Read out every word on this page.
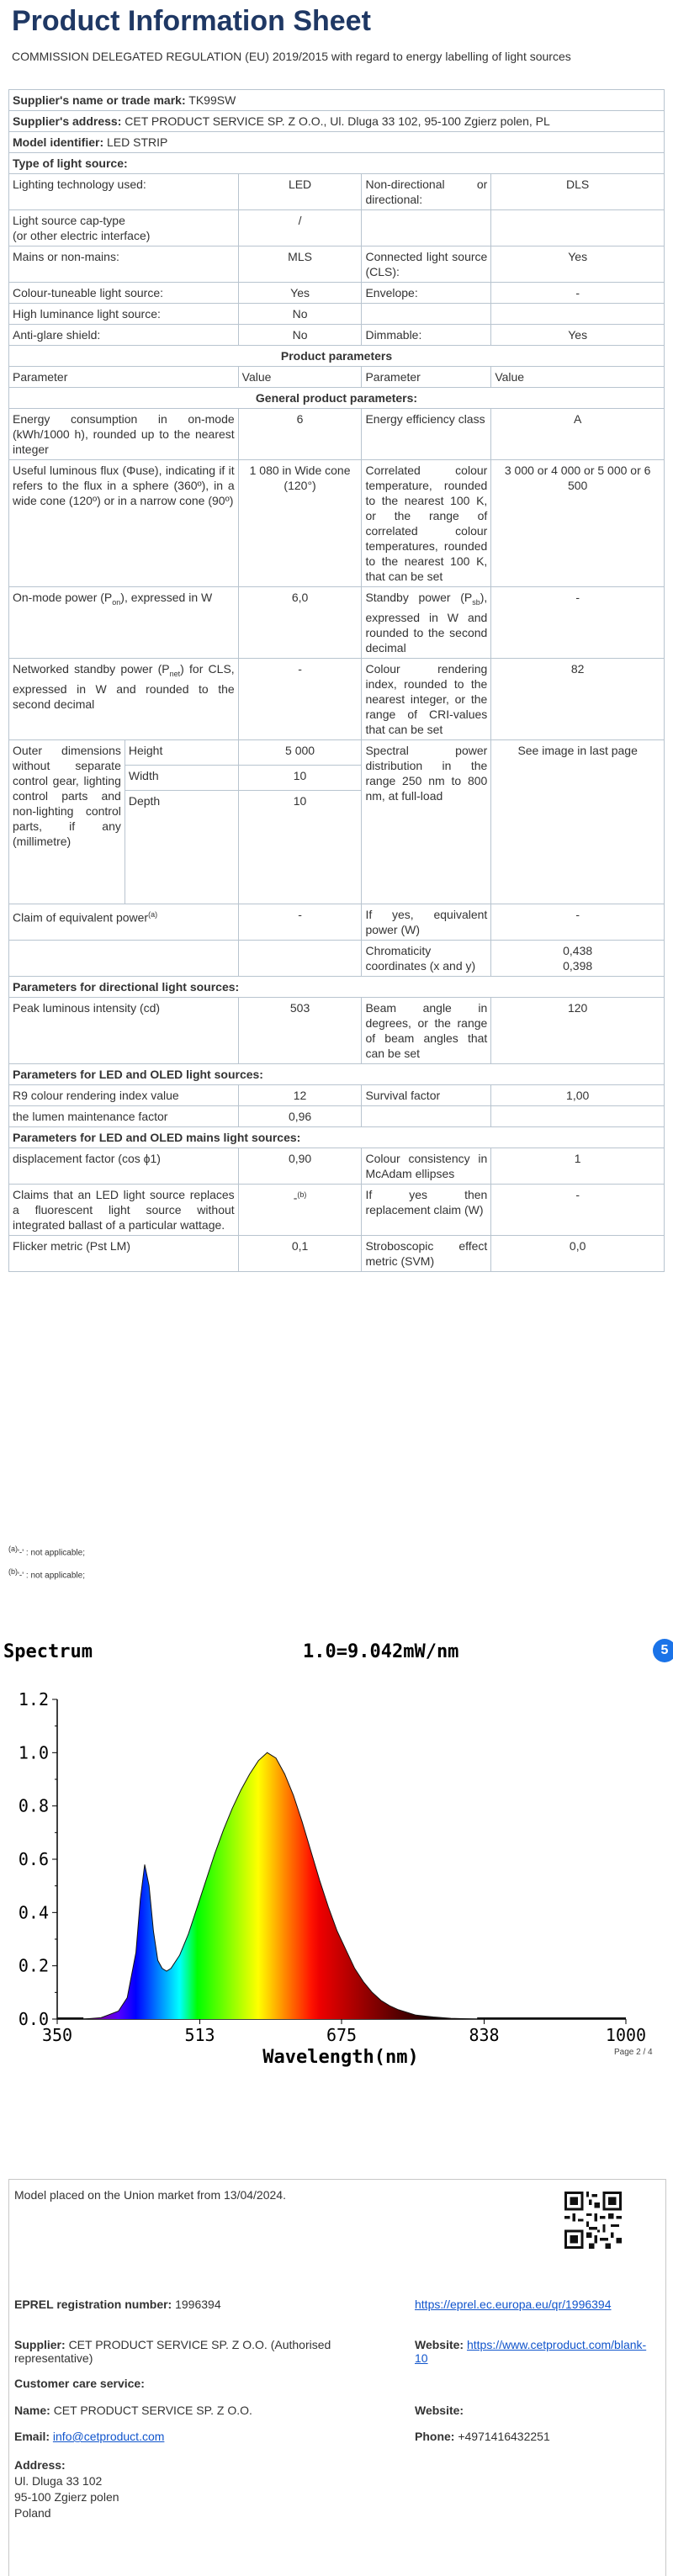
Product Information Sheet
COMMISSION DELEGATED REGULATION (EU) 2019/2015 with regard to energy labelling of light sources
Supplier's name or trade mark: TK99SW				
Supplier's address: CET PRODUCT SERVICE SP. Z O.O., Ul. Dluga 33 102, 95-100 Zgierz polen, PL				
Model identifier: LED STRIP				
Type of light source:				
Lighting technology used:		LED	Non-directional or directional:	DLS
Light source cap-type
(or other electric interface)		/		
Mains or non-mains:		MLS	Connected light source (CLS):	Yes
Colour-tuneable light source:		Yes	Envelope:	-
High luminance light source:		No		
Anti-glare shield:		No	Dimmable:	Yes
Product parameters				
Parameter		Value	Parameter	Value
General product parameters:				
Energy consumption in on-mode (kWh/1000 h), rounded up to the nearest integer		6	Energy efficiency class	A
Useful luminous flux (Φuse), indicating if it refers to the flux in a sphere (360º), in a wide cone (120º) or in a narrow cone (90º)		1 080 in Wide cone (120°)	Correlated colour temperature, rounded to the nearest 100 K, or the range of correlated colour temperatures, rounded to the nearest 100 K, that can be set	3 000 or 4 000 or 5 000 or 6 500
On-mode power $(P_{on})$, expressed in W		6,0	Standby power $(P_{sb})$, expressed in W and rounded to the second decimal	-
Networked standby power $(P_{net})$ for CLS, expressed in W and rounded to the second decimal		-	Colour rendering index, rounded to the nearest integer, or the range of CRI-values that can be set	82
Outer dimensions without separate control gear, lighting control parts and non-lighting control parts, if any (millimetre)	Height	5 000	Spectral power distribution in the range 250 nm to 800 nm, at full-load	See image in last page
	Width	10		
	Depth	10		
Claim of equivalent power$^{(a)}$		-	If yes, equivalent power (W)	-
			Chromaticity coordinates (x and y)	0,438
0,398
Parameters for directional light sources:				
Peak luminous intensity (cd)		503	Beam angle in degrees, or the range of beam angles that can be set	120
Parameters for LED and OLED light sources:				
R9 colour rendering index value		12	Survival factor	1,00
the lumen maintenance factor		0,96		
Parameters for LED and OLED mains light sources:				
displacement factor (cos ϕ1)		0,90	Colour consistency in McAdam ellipses	1
Claims that an LED light source replaces a fluorescent light source without integrated ballast of a particular wattage.		-$^{(b)}$	If yes then replacement claim (W)	-
Flicker metric (Pst LM)		0,1	Stroboscopic effect metric (SVM)	0,0
(a)'-' : not applicable;
(b)'-' : not applicable;
5
0.0
0.2
0.4
0.6
0.8
1.0
1.2
350	513	675	838	1000
Spectrum	1.0=9.042mW/nm
Wavelength(nm)	Page 2 / 4
Model placed on the Union market from 13/04/2024.
EPREL registration number: 1996394	https://eprel.ec.europa.eu/qr/1996394
Supplier: CET PRODUCT SERVICE SP. Z O.O. (Authorised representative)
Website: https://www.cetproduct.com/blank-10
Customer care service:
Name: CET PRODUCT SERVICE SP. Z O.O.	Website:
Email: info@cetproduct.com	Phone: +4971416432251
Address:
Ul. Dluga 33 102
95-100 Zgierz polen
Poland
